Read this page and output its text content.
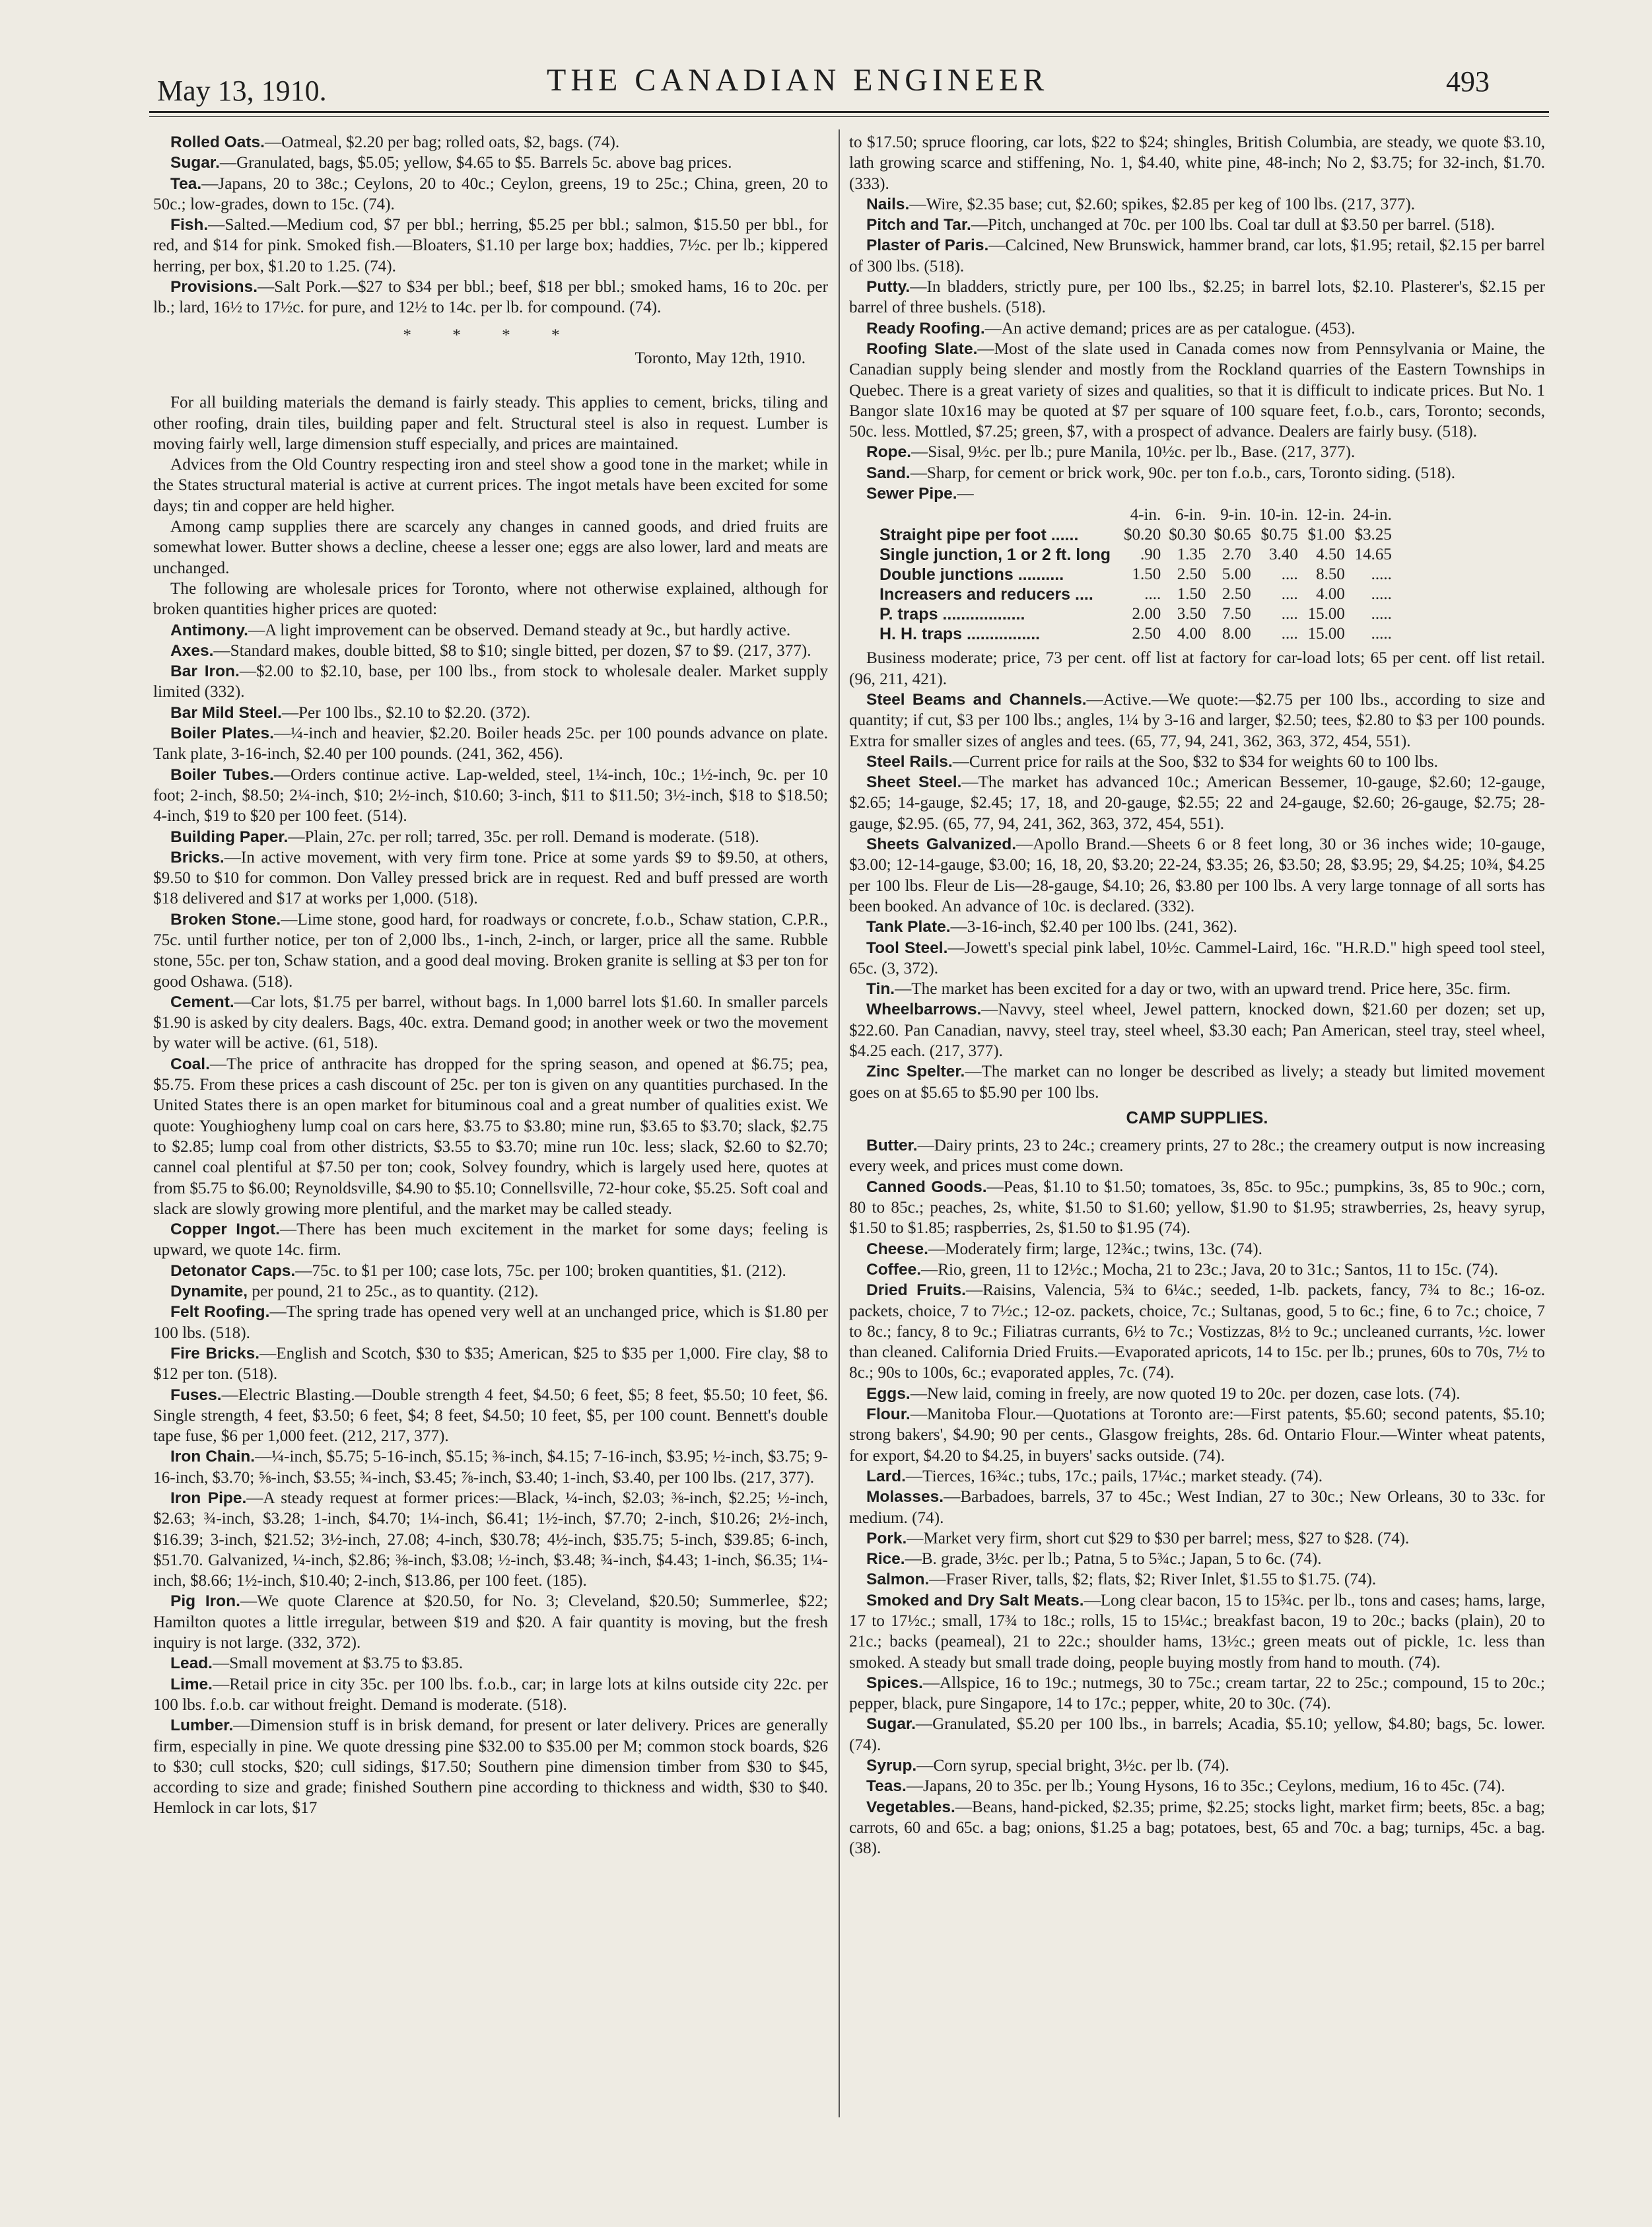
May 13, 1910.	THE CANADIAN ENGINEER	493

Rolled Oats.—Oatmeal, $2.20 per bag; rolled oats, $2, bags. (74).

Sugar.—Granulated, bags, $5.05; yellow, $4.65 to $5. Barrels 5c. above bag prices.

Tea.—Japans, 20 to 38c.; Ceylons, 20 to 40c.; Ceylon, greens, 19 to 25c.; China, green, 20 to 50c.; low-grades, down to 15c. (74).

Fish.—Salted.—Medium cod, $7 per bbl.; herring, $5.25 per bbl.; salmon, $15.50 per bbl., for red, and $14 for pink. Smoked fish.—Bloaters, $1.10 per large box; haddies, 7½c. per lb.; kippered herring, per box, $1.20 to 1.25. (74).

Provisions.—Salt Pork.—$27 to $34 per bbl.; beef, $18 per bbl.; smoked hams, 16 to 20c. per lb.; lard, 16½ to 17½c. for pure, and 12½ to 14c. per lb. for compound. (74).

* * * *

Toronto, May 12th, 1910.

For all building materials the demand is fairly steady. This applies to cement, bricks, tiling and other roofing, drain tiles, building paper and felt. Structural steel is also in request. Lumber is moving fairly well, large dimension stuff especially, and prices are maintained.

Advices from the Old Country respecting iron and steel show a good tone in the market; while in the States structural material is active at current prices. The ingot metals have been excited for some days; tin and copper are held higher.

Among camp supplies there are scarcely any changes in canned goods, and dried fruits are somewhat lower. Butter shows a decline, cheese a lesser one; eggs are also lower, lard and meats are unchanged.

The following are wholesale prices for Toronto, where not otherwise explained, although for broken quantities higher prices are quoted:

Antimony.—A light improvement can be observed. Demand steady at 9c., but hardly active.

Axes.—Standard makes, double bitted, $8 to $10; single bitted, per dozen, $7 to $9. (217, 377).

Bar Iron.—$2.00 to $2.10, base, per 100 lbs., from stock to wholesale dealer. Market supply limited (332).

Bar Mild Steel.—Per 100 lbs., $2.10 to $2.20. (372).

Boiler Plates.—¼-inch and heavier, $2.20. Boiler heads 25c. per 100 pounds advance on plate. Tank plate, 3-16-inch, $2.40 per 100 pounds. (241, 362, 456).

Boiler Tubes.—Orders continue active. Lap-welded, steel, 1¼-inch, 10c.; 1½-inch, 9c. per 10 foot; 2-inch, $8.50; 2¼-inch, $10; 2½-inch, $10.60; 3-inch, $11 to $11.50; 3½-inch, $18 to $18.50; 4-inch, $19 to $20 per 100 feet. (514).

Building Paper.—Plain, 27c. per roll; tarred, 35c. per roll. Demand is moderate. (518).

Bricks.—In active movement, with very firm tone. Price at some yards $9 to $9.50, at others, $9.50 to $10 for common. Don Valley pressed brick are in request. Red and buff pressed are worth $18 delivered and $17 at works per 1,000. (518).

Broken Stone.—Lime stone, good hard, for roadways or concrete, f.o.b., Schaw station, C.P.R., 75c. until further notice, per ton of 2,000 lbs., 1-inch, 2-inch, or larger, price all the same. Rubble stone, 55c. per ton, Schaw station, and a good deal moving. Broken granite is selling at $3 per ton for good Oshawa. (518).

Cement.—Car lots, $1.75 per barrel, without bags. In 1,000 barrel lots $1.60. In smaller parcels $1.90 is asked by city dealers. Bags, 40c. extra. Demand good; in another week or two the movement by water will be active. (61, 518).

Coal.—The price of anthracite has dropped for the spring season, and opened at $6.75; pea, $5.75. From these prices a cash discount of 25c. per ton is given on any quantities purchased. In the United States there is an open market for bituminous coal and a great number of qualities exist. We quote: Youghiogheny lump coal on cars here, $3.75 to $3.80; mine run, $3.65 to $3.70; slack, $2.75 to $2.85; lump coal from other districts, $3.55 to $3.70; mine run 10c. less; slack, $2.60 to $2.70; cannel coal plentiful at $7.50 per ton; cook, Solvey foundry, which is largely used here, quotes at from $5.75 to $6.00; Reynoldsville, $4.90 to $5.10; Connellsville, 72-hour coke, $5.25. Soft coal and slack are slowly growing more plentiful, and the market may be called steady.

Copper Ingot.—There has been much excitement in the market for some days; feeling is upward, we quote 14c. firm.

Detonator Caps.—75c. to $1 per 100; case lots, 75c. per 100; broken quantities, $1. (212).

Dynamite, per pound, 21 to 25c., as to quantity. (212).

Felt Roofing.—The spring trade has opened very well at an unchanged price, which is $1.80 per 100 lbs. (518).

Fire Bricks.—English and Scotch, $30 to $35; American, $25 to $35 per 1,000. Fire clay, $8 to $12 per ton. (518).

Fuses.—Electric Blasting.—Double strength 4 feet, $4.50; 6 feet, $5; 8 feet, $5.50; 10 feet, $6. Single strength, 4 feet, $3.50; 6 feet, $4; 8 feet, $4.50; 10 feet, $5, per 100 count. Bennett's double tape fuse, $6 per 1,000 feet. (212, 217, 377).

Iron Chain.—¼-inch, $5.75; 5-16-inch, $5.15; ⅜-inch, $4.15; 7-16-inch, $3.95; ½-inch, $3.75; 9-16-inch, $3.70; ⅝-inch, $3.55; ¾-inch, $3.45; ⅞-inch, $3.40; 1-inch, $3.40, per 100 lbs. (217, 377).

Iron Pipe.—A steady request at former prices:—Black, ¼-inch, $2.03; ⅜-inch, $2.25; ½-inch, $2.63; ¾-inch, $3.28; 1-inch, $4.70; 1¼-inch, $6.41; 1½-inch, $7.70; 2-inch, $10.26; 2½-inch, $16.39; 3-inch, $21.52; 3½-inch, 27.08; 4-inch, $30.78; 4½-inch, $35.75; 5-inch, $39.85; 6-inch, $51.70. Galvanized, ¼-inch, $2.86; ⅜-inch, $3.08; ½-inch, $3.48; ¾-inch, $4.43; 1-inch, $6.35; 1¼-inch, $8.66; 1½-inch, $10.40; 2-inch, $13.86, per 100 feet. (185).

Pig Iron.—We quote Clarence at $20.50, for No. 3; Cleveland, $20.50; Summerlee, $22; Hamilton quotes a little irregular, between $19 and $20. A fair quantity is moving, but the fresh inquiry is not large. (332, 372).

Lead.—Small movement at $3.75 to $3.85.

Lime.—Retail price in city 35c. per 100 lbs. f.o.b., car; in large lots at kilns outside city 22c. per 100 lbs. f.o.b. car without freight. Demand is moderate. (518).

Lumber.—Dimension stuff is in brisk demand, for present or later delivery. Prices are generally firm, especially in pine. We quote dressing pine $32.00 to $35.00 per M; common stock boards, $26 to $30; cull stocks, $20; cull sidings, $17.50; Southern pine dimension timber from $30 to $45, according to size and grade; finished Southern pine according to thickness and width, $30 to $40. Hemlock in car lots, $17

to $17.50; spruce flooring, car lots, $22 to $24; shingles, British Columbia, are steady, we quote $3.10, lath growing scarce and stiffening, No. 1, $4.40, white pine, 48-inch; No 2, $3.75; for 32-inch, $1.70. (333).

Nails.—Wire, $2.35 base; cut, $2.60; spikes, $2.85 per keg of 100 lbs. (217, 377).

Pitch and Tar.—Pitch, unchanged at 70c. per 100 lbs. Coal tar dull at $3.50 per barrel. (518).

Plaster of Paris.—Calcined, New Brunswick, hammer brand, car lots, $1.95; retail, $2.15 per barrel of 300 lbs. (518).

Putty.—In bladders, strictly pure, per 100 lbs., $2.25; in barrel lots, $2.10. Plasterer's, $2.15 per barrel of three bushels. (518).

Ready Roofing.—An active demand; prices are as per catalogue. (453).

Roofing Slate.—Most of the slate used in Canada comes now from Pennsylvania or Maine, the Canadian supply being slender and mostly from the Rockland quarries of the Eastern Townships in Quebec. There is a great variety of sizes and qualities, so that it is difficult to indicate prices. But No. 1 Bangor slate 10x16 may be quoted at $7 per square of 100 square feet, f.o.b., cars, Toronto; seconds, 50c. less. Mottled, $7.25; green, $7, with a prospect of advance. Dealers are fairly busy. (518).

Rope.—Sisal, 9½c. per lb.; pure Manila, 10½c. per lb., Base. (217, 377).

Sand.—Sharp, for cement or brick work, 90c. per ton f.o.b., cars, Toronto siding. (518).

Sewer Pipe.—

	4-in.	6-in.	9-in.	10-in.	12-in.	24-in.
Straight pipe per foot ......	$0.20	$0.30	$0.65	$0.75	$1.00	$3.25
Single junction, 1 or 2 ft. long	.90	1.35	2.70	3.40	4.50	14.65
Double junctions ..........	1.50	2.50	5.00	....	8.50	.....
Increasers and reducers ....	....	1.50	2.50	....	4.00	.....
P. traps ..................	2.00	3.50	7.50	....	15.00	.....
H. H. traps ................	2.50	4.00	8.00	....	15.00	.....

Business moderate; price, 73 per cent. off list at factory for car-load lots; 65 per cent. off list retail. (96, 211, 421).

Steel Beams and Channels.—Active.—We quote:—$2.75 per 100 lbs., according to size and quantity; if cut, $3 per 100 lbs.; angles, 1¼ by 3-16 and larger, $2.50; tees, $2.80 to $3 per 100 pounds. Extra for smaller sizes of angles and tees. (65, 77, 94, 241, 362, 363, 372, 454, 551).

Steel Rails.—Current price for rails at the Soo, $32 to $34 for weights 60 to 100 lbs.

Sheet Steel.—The market has advanced 10c.; American Bessemer, 10-gauge, $2.60; 12-gauge, $2.65; 14-gauge, $2.45; 17, 18, and 20-gauge, $2.55; 22 and 24-gauge, $2.60; 26-gauge, $2.75; 28-gauge, $2.95. (65, 77, 94, 241, 362, 363, 372, 454, 551).

Sheets Galvanized.—Apollo Brand.—Sheets 6 or 8 feet long, 30 or 36 inches wide; 10-gauge, $3.00; 12-14-gauge, $3.00; 16, 18, 20, $3.20; 22-24, $3.35; 26, $3.50; 28, $3.95; 29, $4.25; 10¾, $4.25 per 100 lbs. Fleur de Lis—28-gauge, $4.10; 26, $3.80 per 100 lbs. A very large tonnage of all sorts has been booked. An advance of 10c. is declared. (332).

Tank Plate.—3-16-inch, $2.40 per 100 lbs. (241, 362).

Tool Steel.—Jowett's special pink label, 10½c. Cammel-Laird, 16c. "H.R.D." high speed tool steel, 65c. (3, 372).

Tin.—The market has been excited for a day or two, with an upward trend. Price here, 35c. firm.

Wheelbarrows.—Navvy, steel wheel, Jewel pattern, knocked down, $21.60 per dozen; set up, $22.60. Pan Canadian, navvy, steel tray, steel wheel, $3.30 each; Pan American, steel tray, steel wheel, $4.25 each. (217, 377).

Zinc Spelter.—The market can no longer be described as lively; a steady but limited movement goes on at $5.65 to $5.90 per 100 lbs.

CAMP SUPPLIES.

Butter.—Dairy prints, 23 to 24c.; creamery prints, 27 to 28c.; the creamery output is now increasing every week, and prices must come down.

Canned Goods.—Peas, $1.10 to $1.50; tomatoes, 3s, 85c. to 95c.; pumpkins, 3s, 85 to 90c.; corn, 80 to 85c.; peaches, 2s, white, $1.50 to $1.60; yellow, $1.90 to $1.95; strawberries, 2s, heavy syrup, $1.50 to $1.85; raspberries, 2s, $1.50 to $1.95 (74).

Cheese.—Moderately firm; large, 12¾c.; twins, 13c. (74).

Coffee.—Rio, green, 11 to 12½c.; Mocha, 21 to 23c.; Java, 20 to 31c.; Santos, 11 to 15c. (74).

Dried Fruits.—Raisins, Valencia, 5¾ to 6¼c.; seeded, 1-lb. packets, fancy, 7¾ to 8c.; 16-oz. packets, choice, 7 to 7½c.; 12-oz. packets, choice, 7c.; Sultanas, good, 5 to 6c.; fine, 6 to 7c.; choice, 7 to 8c.; fancy, 8 to 9c.; Filiatras currants, 6½ to 7c.; Vostizzas, 8½ to 9c.; uncleaned currants, ½c. lower than cleaned. California Dried Fruits.—Evaporated apricots, 14 to 15c. per lb.; prunes, 60s to 70s, 7½ to 8c.; 90s to 100s, 6c.; evaporated apples, 7c. (74).

Eggs.—New laid, coming in freely, are now quoted 19 to 20c. per dozen, case lots. (74).

Flour.—Manitoba Flour.—Quotations at Toronto are:—First patents, $5.60; second patents, $5.10; strong bakers', $4.90; 90 per cents., Glasgow freights, 28s. 6d. Ontario Flour.—Winter wheat patents, for export, $4.20 to $4.25, in buyers' sacks outside. (74).

Lard.—Tierces, 16¾c.; tubs, 17c.; pails, 17¼c.; market steady. (74).

Molasses.—Barbadoes, barrels, 37 to 45c.; West Indian, 27 to 30c.; New Orleans, 30 to 33c. for medium. (74).

Pork.—Market very firm, short cut $29 to $30 per barrel; mess, $27 to $28. (74).

Rice.—B. grade, 3½c. per lb.; Patna, 5 to 5¾c.; Japan, 5 to 6c. (74).

Salmon.—Fraser River, talls, $2; flats, $2; River Inlet, $1.55 to $1.75. (74).

Smoked and Dry Salt Meats.—Long clear bacon, 15 to 15¾c. per lb., tons and cases; hams, large, 17 to 17½c.; small, 17¾ to 18c.; rolls, 15 to 15¼c.; breakfast bacon, 19 to 20c.; backs (plain), 20 to 21c.; backs (peameal), 21 to 22c.; shoulder hams, 13½c.; green meats out of pickle, 1c. less than smoked. A steady but small trade doing, people buying mostly from hand to mouth. (74).

Spices.—Allspice, 16 to 19c.; nutmegs, 30 to 75c.; cream tartar, 22 to 25c.; compound, 15 to 20c.; pepper, black, pure Singapore, 14 to 17c.; pepper, white, 20 to 30c. (74).

Sugar.—Granulated, $5.20 per 100 lbs., in barrels; Acadia, $5.10; yellow, $4.80; bags, 5c. lower. (74).

Syrup.—Corn syrup, special bright, 3½c. per lb. (74).

Teas.—Japans, 20 to 35c. per lb.; Young Hysons, 16 to 35c.; Ceylons, medium, 16 to 45c. (74).

Vegetables.—Beans, hand-picked, $2.35; prime, $2.25; stocks light, market firm; beets, 85c. a bag; carrots, 60 and 65c. a bag; onions, $1.25 a bag; potatoes, best, 65 and 70c. a bag; turnips, 45c. a bag. (38).
